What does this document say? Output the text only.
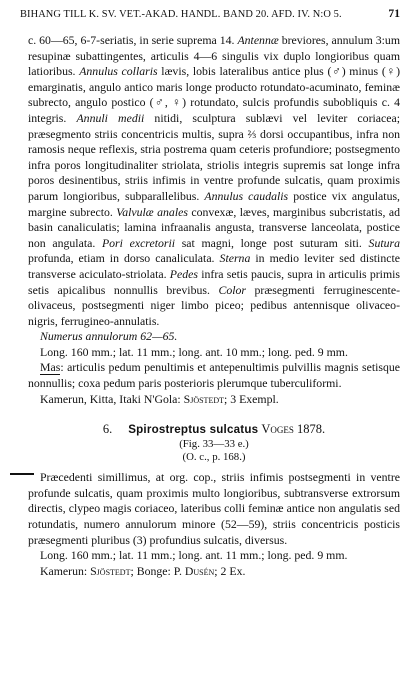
BIHANG TILL K. SV. VET.-AKAD. HANDL. BAND 20. AFD. IV. N:O 5.	71

c. 60—65, 6-7-seriatis, in serie suprema 14. Antennæ breviores, annulum 3:um resupinæ subattingentes, articulis 4—6 singulis vix duplo longioribus quam latioribus. Annulus collaris lævis, lobis lateralibus antice plus (♂) minus (♀) emarginatis, angulo antico maris longe producto rotundato-acuminato, feminæ subrecto, angulo postico (♂, ♀) rotundato, sulcis profundis suboblіquis c. 4 integris. Annuli medii nitidi, sculptura sublævi vel leviter coriacea; præsegmento striis concentricis multis, supra ⅔ dorsi occupantibus, infra non ramosis neque reflexis, stria postrema quam ceteris profundiore; postsegmento infra poros longitudinaliter striolata, striolis integris supremis sat longe infra poros desinentibus, striis infimis in ventre profunde sulcatis, quam proximis parum longioribus, subparallelibus. Annulus caudalis postice vix angulatus, margine subrecto. Valvulæ anales convexæ, læves, marginibus subcristatis, ad basin canaliculatis; lamina infraanalis angusta, transverse lanceolata, postice non angulata. Pori excretorii sat magni, longe post suturam siti. Sutura profunda, etiam in dorso canaliculata. Sterna in medio leviter sed distincte transverse aciculato-striolata. Pedes infra setis paucis, supra in articulis primis setis apicalibus nonnullis brevibus. Color præsegmenti ferruginescente-olivaceus, postsegmenti niger limbo piceo; pedibus antennisque olivaceo-nigris, ferrugineo-annulatis.

Numerus annulorum 62—65.

Long. 160 mm.; lat. 11 mm.; long. ant. 10 mm.; long. ped. 9 mm.

Mas: articulis pedum penultimis et antepenultimis pulvillis magnis setisque nonnullis; coxa pedum paris posterioris plerumque tuberculiformi.

Kamerun, Kitta, Itaki N'Gola: Sjöstedt; 3 Exempl.

6. Spirostreptus sulcatus Voges 1878.

(Fig. 33—33 e.)

(O. c., p. 168.)

Præcedenti simillimus, at org. cop., striis infimis postsegmenti in ventre profunde sulcatis, quam proximis multo longioribus, subtransverse extrorsum directis, clypeo magis coriaceo, lateribus colli feminæ antice non angulatis sed rotundatis, numero annulorum minore (52—59), striis concentricis posticis præsegmenti pluribus (3) profundius sulcatis, diversus.

Long. 160 mm.; lat. 11 mm.; long. ant. 11 mm.; long. ped. 9 mm.

Kamerun: Sjöstedt; Bonge: P. Dusén; 2 Ex.
